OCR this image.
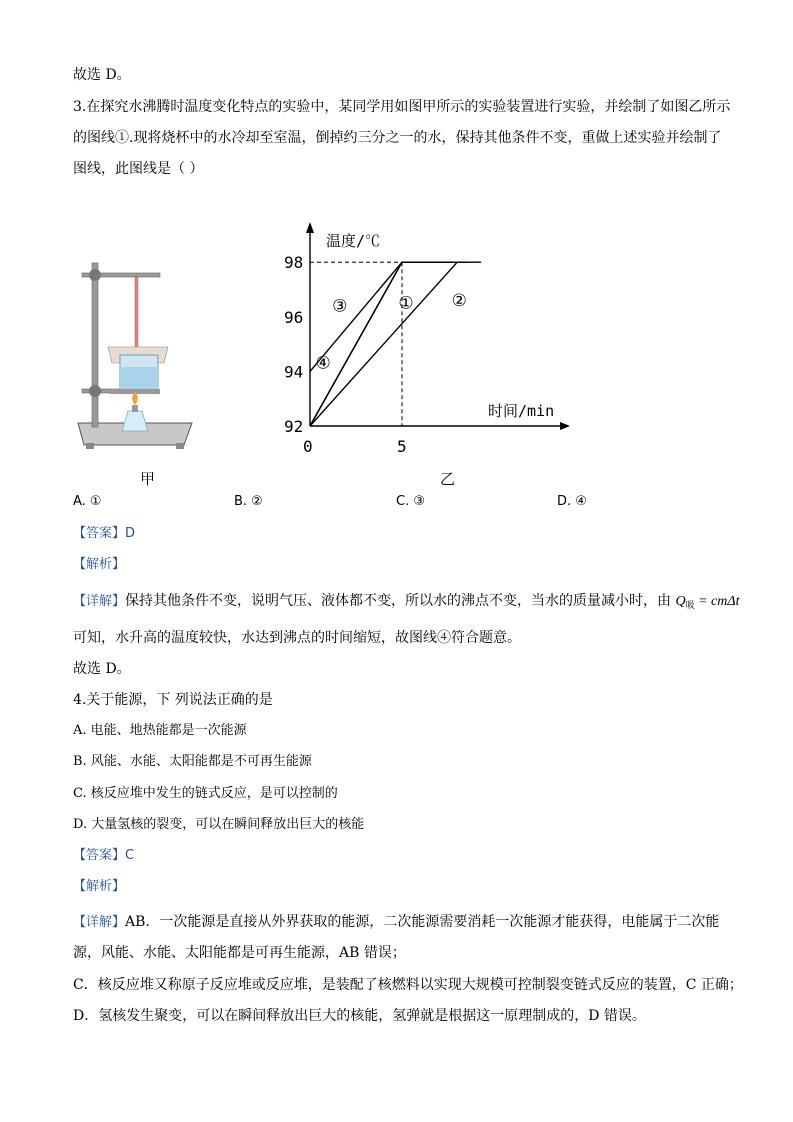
故选 D。
3.在探究水沸腾时温度变化特点的实验中，某同学用如图甲所示的实验装置进行实验，并绘制了如图乙所示
的图线①.现将烧杯中的水冷却至室温，倒掉约三分之一的水，保持其他条件不变，重做上述实验并绘制了
图线，此图线是（ ）
甲
温度/℃
时间/min
92
94
96
98
0	5
① ②
③
④
乙
A. ①	B. ②	C. ③	D. ④
【答案】D
【解析】
【详解】保持其他条件不变，说明气压、液体都不变，所以水的沸点不变，当水的质量减小时，由 $Q_吸 = cm\Delta t$
可知，水升高的温度较快，水达到沸点的时间缩短，故图线④符合题意。
故选 D。
4.关于能源，下 列说法正确的是
A. 电能、地热能都是一次能源
B. 风能、水能、太阳能都是不可再生能源
C. 核反应堆中发生的链式反应，是可以控制的
D. 大量氢核的裂变，可以在瞬间释放出巨大的核能
【答案】C
【解析】
【详解】AB．一次能源是直接从外界获取的能源，二次能源需要消耗一次能源才能获得，电能属于二次能
源，风能、水能、太阳能都是可再生能源，AB 错误；
C．核反应堆又称原子反应堆或反应堆，是装配了核燃料以实现大规模可控制裂变链式反应的装置，C 正确；
D．氢核发生聚变，可以在瞬间释放出巨大的核能，氢弹就是根据这一原理制成的，D 错误。
